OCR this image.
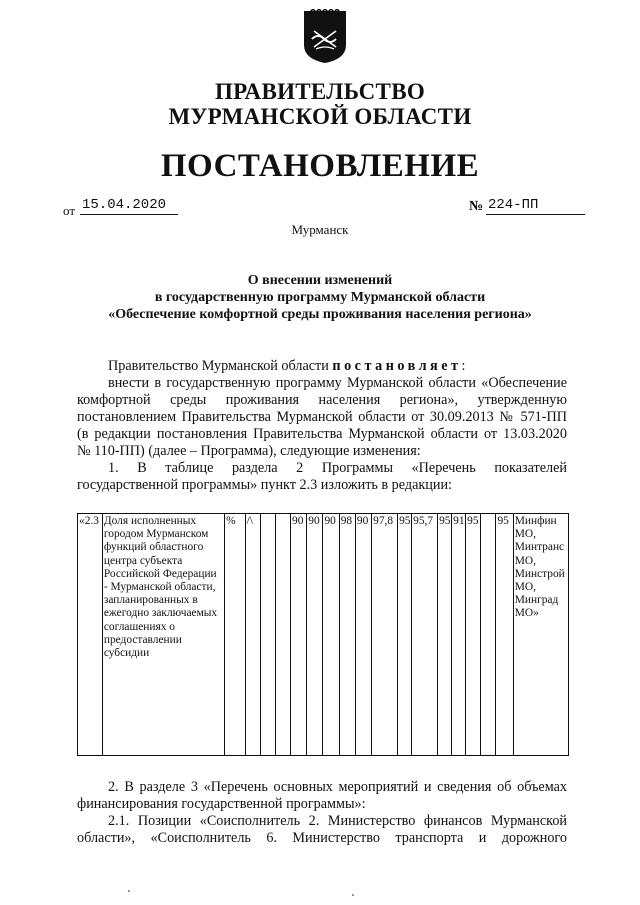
ПРАВИТЕЛЬСТВО
МУРМАНСКОЙ ОБЛАСТИ
ПОСТАНОВЛЕНИЕ
от 15.04.2020	№ 224-ПП
Мурманск
О внесении изменений
в государственную программу Мурманской области
«Обеспечение комфортной среды проживания населения региона»
Правительство Мурманской области постановляет:
внести в государственную программу Мурманской области «Обеспечение
комфортной среды проживания населения региона», утвержденную
постановлением Правительства Мурманской области от 30.09.2013 № 571-ПП
(в редакции постановления Правительства Мурманской области от 13.03.2020
№ 110-ПП) (далее – Программа), следующие изменения:
1. В таблице раздела 2 Программы «Перечень показателей
государственной программы» пункт 2.3 изложить в редакции:
«2.3	Доля исполненных городом Мурманском функций областного центра субъекта Российской Федерации - Мурманской области, запланированных в ежегодно заключаемых соглашениях о предоставлении субсидии	%	/\			90	90	90	98	90	97,8	95	95,7	95	91	95		95	Минфин МО,
Минтранс МО,
Минстрой МО,
Минград МО»
2. В разделе 3 «Перечень основных мероприятий и сведения об объемах
финансирования государственной программы»:
2.1. Позиции «Соисполнитель 2. Министерство финансов Мурманской
области», «Соисполнитель 6. Министерство транспорта и дорожного
